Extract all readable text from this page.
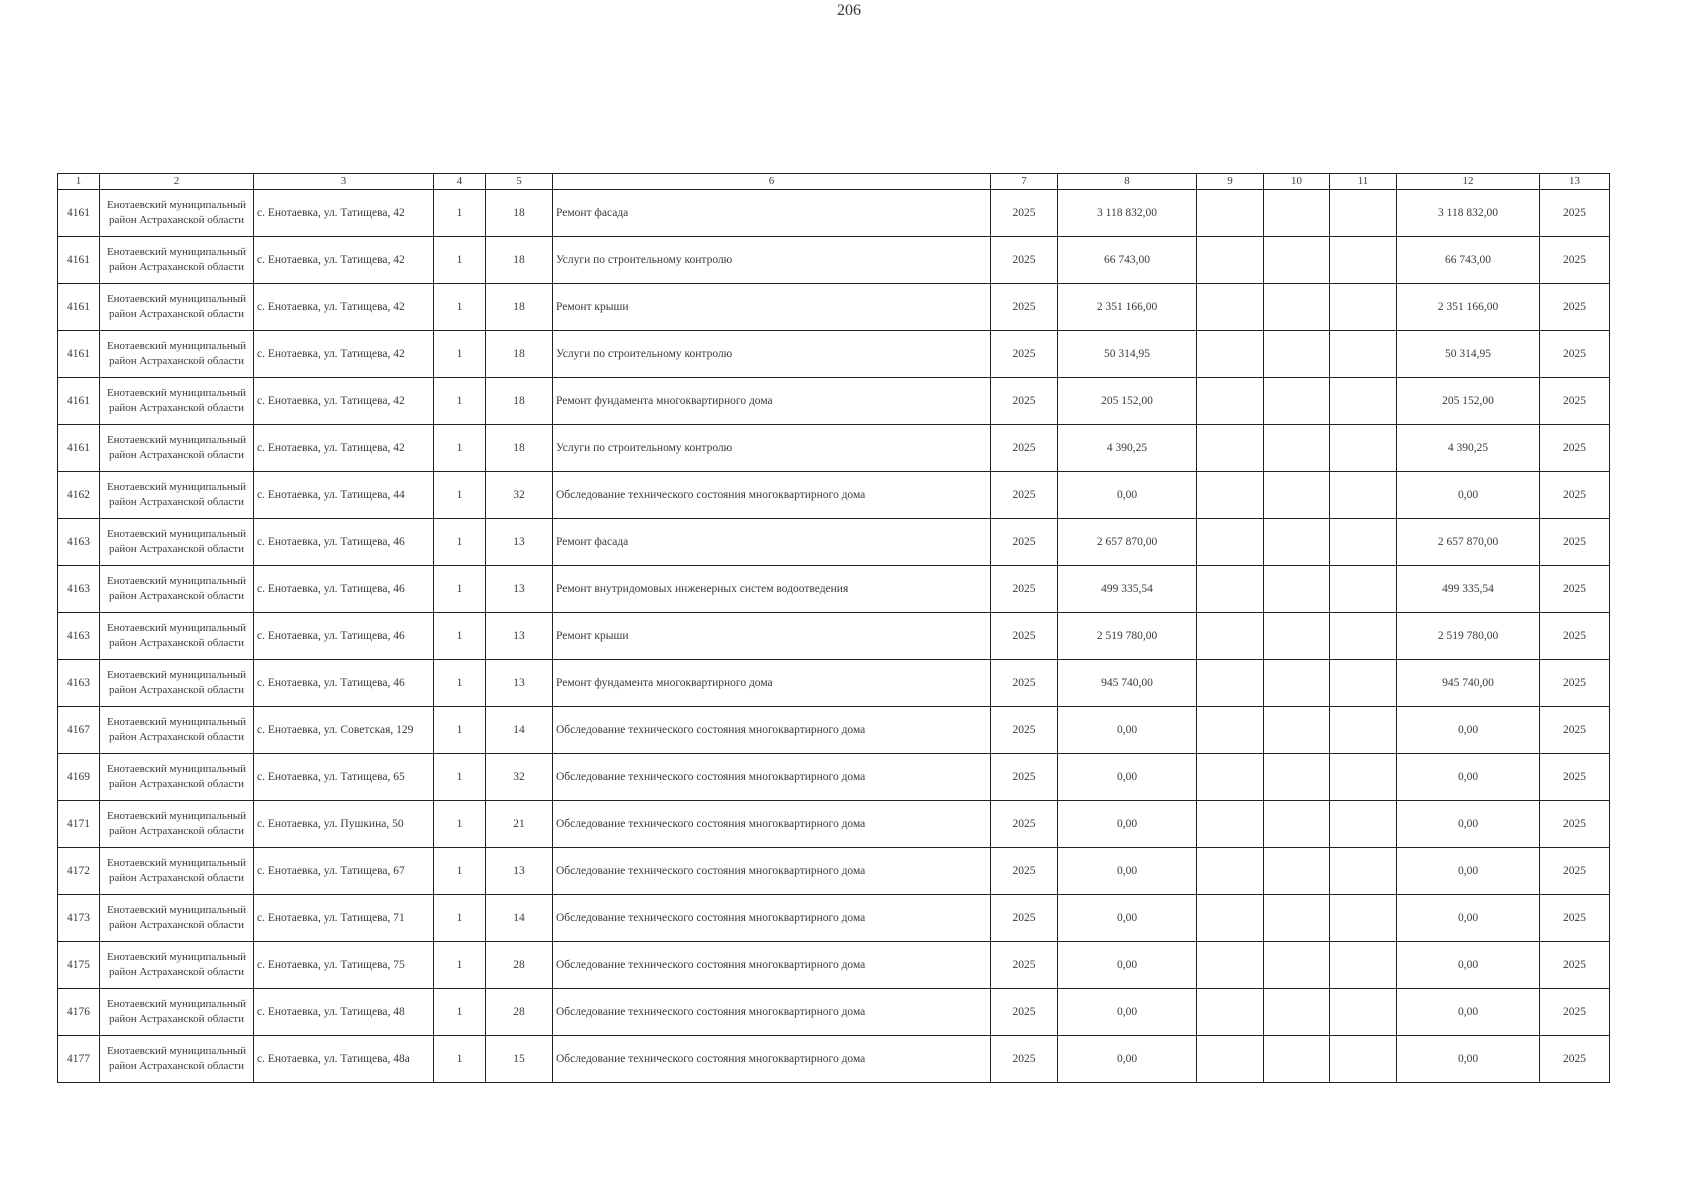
206
1	2	3	4	5	6	7	8	9	10	11	12	13
4161	Енотаевский муниципальный район Астраханской области	с. Енотаевка, ул. Татищева, 42	1	18	Ремонт фасада	2025	3 118 832,00				3 118 832,00	2025
4161	Енотаевский муниципальный район Астраханской области	с. Енотаевка, ул. Татищева, 42	1	18	Услуги по строительному контролю	2025	66 743,00				66 743,00	2025
4161	Енотаевский муниципальный район Астраханской области	с. Енотаевка, ул. Татищева, 42	1	18	Ремонт крыши	2025	2 351 166,00				2 351 166,00	2025
4161	Енотаевский муниципальный район Астраханской области	с. Енотаевка, ул. Татищева, 42	1	18	Услуги по строительному контролю	2025	50 314,95				50 314,95	2025
4161	Енотаевский муниципальный район Астраханской области	с. Енотаевка, ул. Татищева, 42	1	18	Ремонт фундамента многоквартирного дома	2025	205 152,00				205 152,00	2025
4161	Енотаевский муниципальный район Астраханской области	с. Енотаевка, ул. Татищева, 42	1	18	Услуги по строительному контролю	2025	4 390,25				4 390,25	2025
4162	Енотаевский муниципальный район Астраханской области	с. Енотаевка, ул. Татищева, 44	1	32	Обследование технического состояния многоквартирного дома	2025	0,00				0,00	2025
4163	Енотаевский муниципальный район Астраханской области	с. Енотаевка, ул. Татищева, 46	1	13	Ремонт фасада	2025	2 657 870,00				2 657 870,00	2025
4163	Енотаевский муниципальный район Астраханской области	с. Енотаевка, ул. Татищева, 46	1	13	Ремонт внутридомовых инженерных систем водоотведения	2025	499 335,54				499 335,54	2025
4163	Енотаевский муниципальный район Астраханской области	с. Енотаевка, ул. Татищева, 46	1	13	Ремонт крыши	2025	2 519 780,00				2 519 780,00	2025
4163	Енотаевский муниципальный район Астраханской области	с. Енотаевка, ул. Татищева, 46	1	13	Ремонт фундамента многоквартирного дома	2025	945 740,00				945 740,00	2025
4167	Енотаевский муниципальный район Астраханской области	с. Енотаевка, ул. Советская, 129	1	14	Обследование технического состояния многоквартирного дома	2025	0,00				0,00	2025
4169	Енотаевский муниципальный район Астраханской области	с. Енотаевка, ул. Татищева, 65	1	32	Обследование технического состояния многоквартирного дома	2025	0,00				0,00	2025
4171	Енотаевский муниципальный район Астраханской области	с. Енотаевка, ул. Пушкина, 50	1	21	Обследование технического состояния многоквартирного дома	2025	0,00				0,00	2025
4172	Енотаевский муниципальный район Астраханской области	с. Енотаевка, ул. Татищева, 67	1	13	Обследование технического состояния многоквартирного дома	2025	0,00				0,00	2025
4173	Енотаевский муниципальный район Астраханской области	с. Енотаевка, ул. Татищева, 71	1	14	Обследование технического состояния многоквартирного дома	2025	0,00				0,00	2025
4175	Енотаевский муниципальный район Астраханской области	с. Енотаевка, ул. Татищева, 75	1	28	Обследование технического состояния многоквартирного дома	2025	0,00				0,00	2025
4176	Енотаевский муниципальный район Астраханской области	с. Енотаевка, ул. Татищева, 48	1	28	Обследование технического состояния многоквартирного дома	2025	0,00				0,00	2025
4177	Енотаевский муниципальный район Астраханской области	с. Енотаевка, ул. Татищева, 48а	1	15	Обследование технического состояния многоквартирного дома	2025	0,00				0,00	2025
